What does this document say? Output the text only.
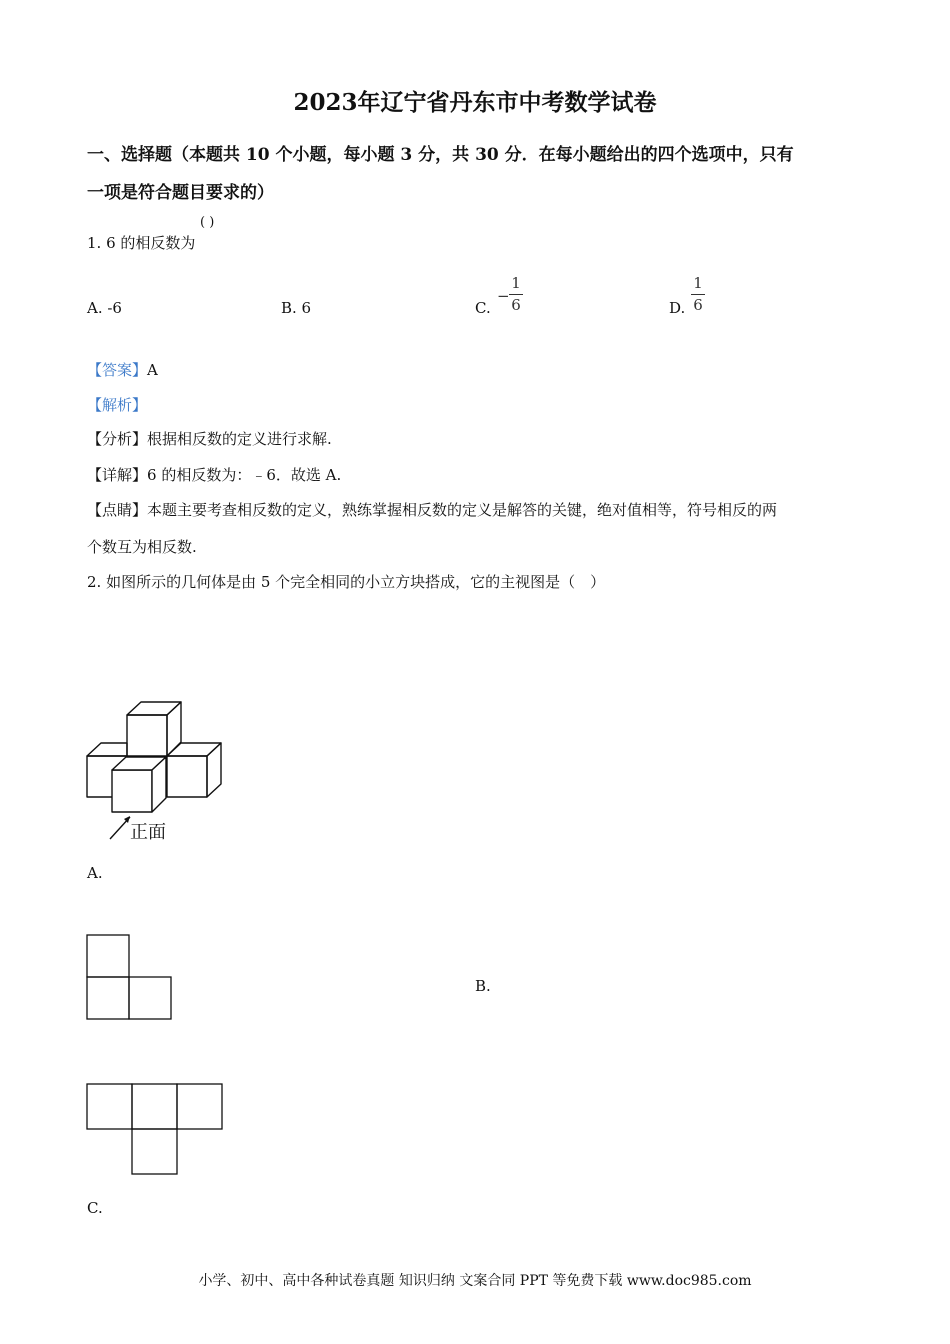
2023年辽宁省丹东市中考数学试卷
一、选择题（本题共 10 个小题，每小题 3 分，共 30 分．在每小题给出的四个选项中，只有
一项是符合题目要求的）
( )
1. 6 的相反数为
A. -6	B. 6	C.
−
1
6	D.
1
6
【答案】A
【解析】
【分析】根据相反数的定义进行求解.
【详解】6 的相反数为：﹣6．故选 A.
【点睛】本题主要考查相反数的定义，熟练掌握相反数的定义是解答的关键，绝对值相等，符号相反的两
个数互为相反数.
2. 如图所示的几何体是由 5 个完全相同的小立方块搭成，它的主视图是（　）
正面
A.
B.
C.
小学、初中、高中各种试卷真题 知识归纳 文案合同 PPT 等免费下载 www.doc985.com
